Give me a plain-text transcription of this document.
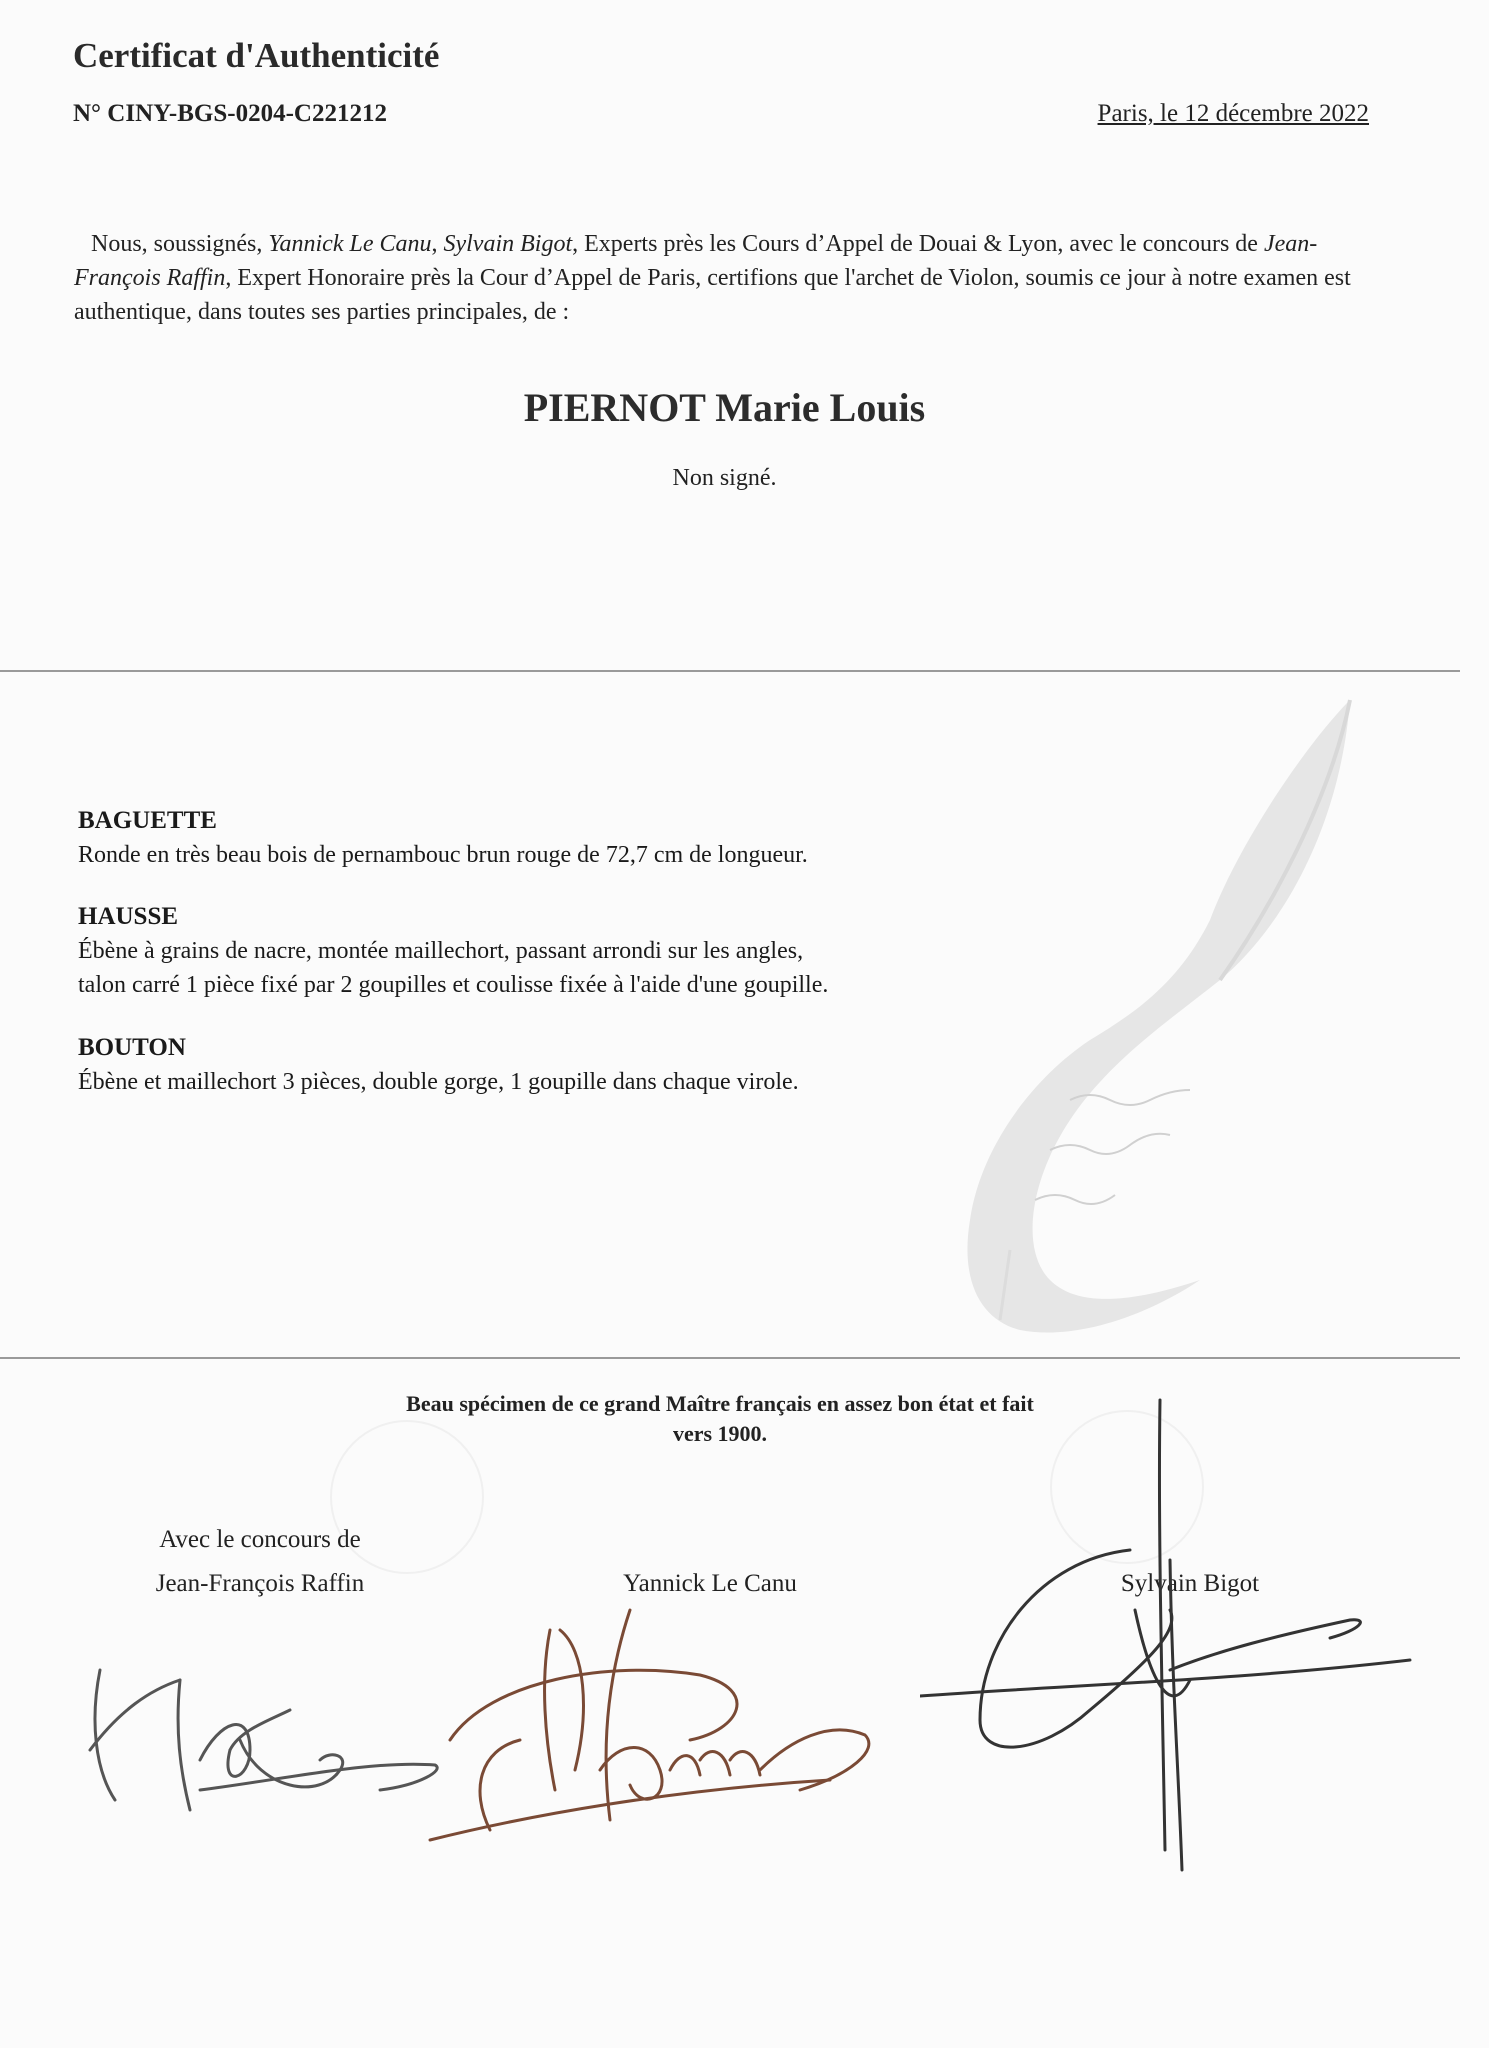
Certificat d'Authenticité
N° CINY-BGS-0204-C221212	Paris, le 12 décembre 2022
Nous, soussignés, Yannick Le Canu, Sylvain Bigot, Experts près les Cours d’Appel de Douai & Lyon, avec le concours de Jean-François Raffin, Expert Honoraire près la Cour d’Appel de Paris, certifions que l'archet de Violon, soumis ce jour à notre examen est authentique, dans toutes ses parties principales, de :
PIERNOT Marie Louis
Non signé.
BAGUETTE
Ronde en très beau bois de pernambouc brun rouge de 72,7 cm de longueur.
HAUSSE
Ébène à grains de nacre, montée maillechort, passant arrondi sur les angles,
talon carré 1 pièce fixé par 2 goupilles et coulisse fixée à l'aide d'une goupille.
BOUTON
Ébène et maillechort 3 pièces, double gorge, 1 goupille dans chaque virole.
Beau spécimen de ce grand Maître français en assez bon état et fait
vers 1900.
Avec le concours de
Jean-François Raffin	Yannick Le Canu	Sylvain Bigot
